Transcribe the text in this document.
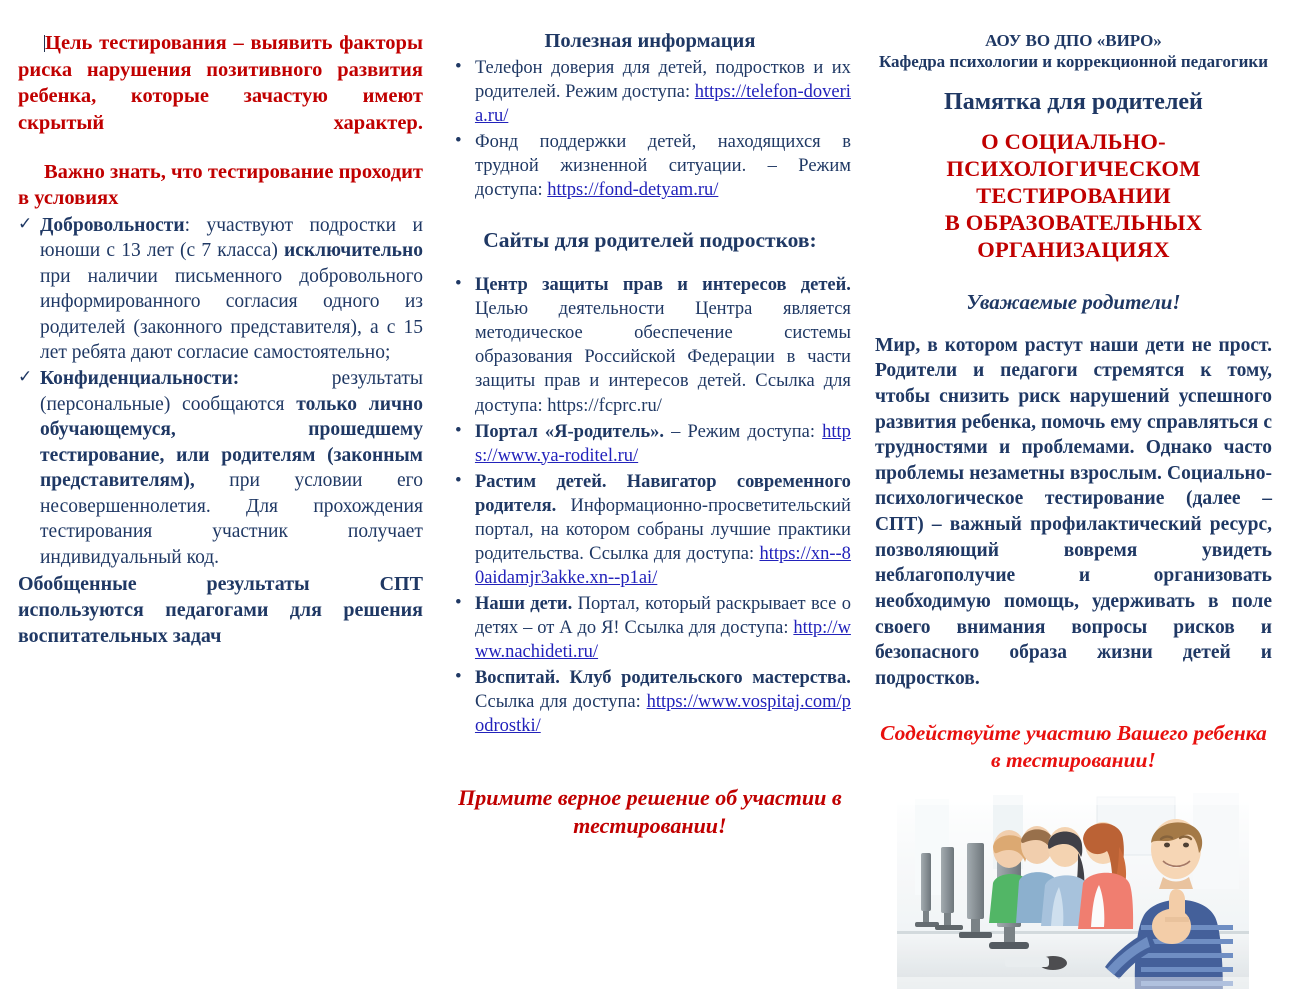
Цель тестирования – выявить факторы риска нарушения позитивного развития ребенка, которые зачастую имеют скрытый характер.

Важно знать, что тестирование проходит в условиях

✓ Добровольности: участвуют подростки и юноши с 13 лет (с 7 класса) исключительно при наличии письменного добровольного информированного согласия одного из родителей (законного представителя), а с 15 лет ребята дают согласие самостоятельно;
✓ Конфиденциальности: результаты (персональные) сообщаются только лично обучающемуся, прошедшему тестирование, или родителям (законным представителям), при условии его несовершеннолетия. Для прохождения тестирования участник получает индивидуальный код.

Обобщенные результаты СПТ используются педагогами для решения воспитательных задач

Полезная информация

• Телефон доверия для детей, подростков и их родителей. Режим доступа: https://telefon-doveria.ru/
• Фонд поддержки детей, находящихся в трудной жизненной ситуации. – Режим доступа: https://fond-detyam.ru/

Сайты для родителей подростков:

• Центр защиты прав и интересов детей. Целью деятельности Центра является методическое обеспечение системы образования Российской Федерации в части защиты прав и интересов детей. Ссылка для доступа: https://fcprc.ru/
• Портал «Я-родитель». – Режим доступа: https://www.ya-roditel.ru/
• Растим детей. Навигатор современного родителя. Информационно-просветительский портал, на котором собраны лучшие практики родительства. Ссылка для доступа: https://xn--80aidamjr3akke.xn--p1ai/
• Наши дети. Портал, который раскрывает все о детях – от А до Я! Ссылка для доступа: http://www.nachideti.ru/
• Воспитай. Клуб родительского мастерства. Ссылка для доступа: https://www.vospitaj.com/podrostki/

Примите верное решение об участии в тестировании!

АОУ ВО ДПО «ВИРО»

Кафедра психологии и коррекционной педагогики

Памятка для родителей

О СОЦИАЛЬНО-
ПСИХОЛОГИЧЕСКОМ
ТЕСТИРОВАНИИ
В ОБРАЗОВАТЕЛЬНЫХ
ОРГАНИЗАЦИЯХ

Уважаемые родители!

Мир, в котором растут наши дети не прост. Родители и педагоги стремятся к тому, чтобы снизить риск нарушений успешного развития ребенка, помочь ему справляться с трудностями и проблемами. Однако часто проблемы незаметны взрослым. Социально-психологическое тестирование (далее – СПТ) – важный профилактический ресурс, позволяющий вовремя увидеть неблагополучие и организовать необходимую помощь, удерживать в поле своего внимания вопросы рисков и безопасного образа жизни детей и подростков.

Содействуйте участию Вашего ребенка в тестировании!
